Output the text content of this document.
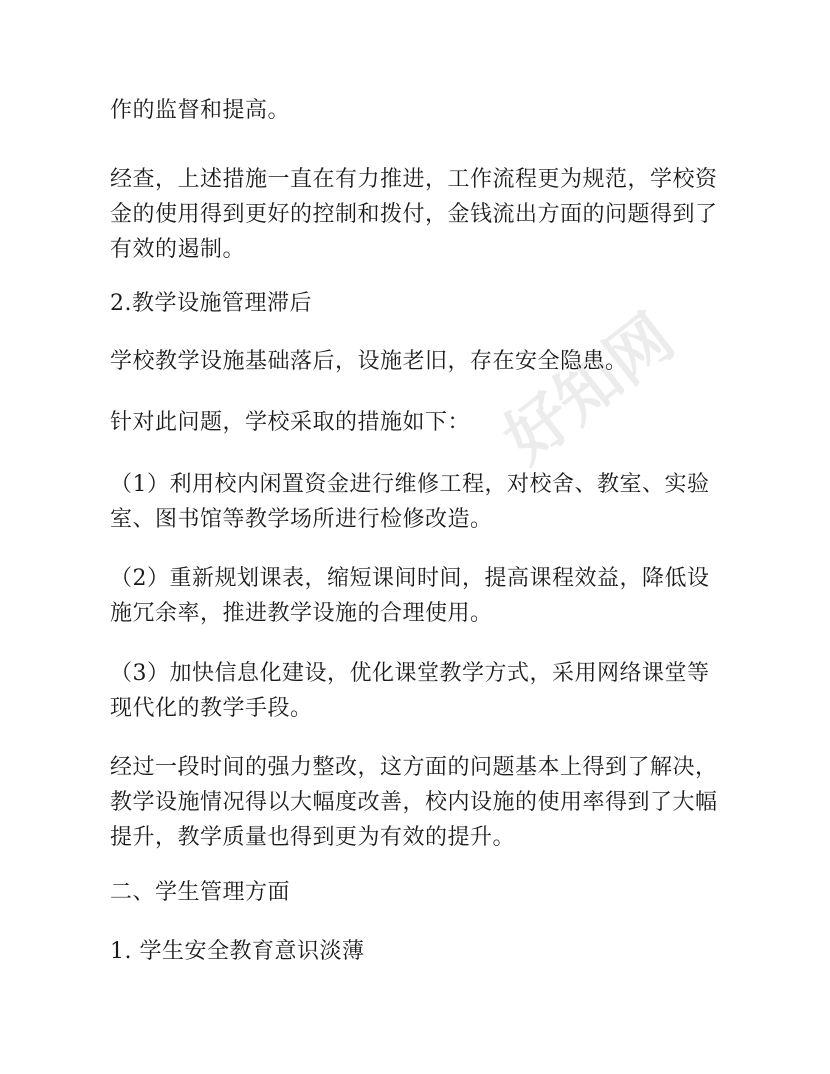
好知网

作的监督和提高。

经查，上述措施一直在有力推进，工作流程更为规范，学校资
金的使用得到更好的控制和拨付，金钱流出方面的问题得到了
有效的遏制。

2.教学设施管理滞后

学校教学设施基础落后，设施老旧，存在安全隐患。

针对此问题，学校采取的措施如下：

（1）利用校内闲置资金进行维修工程，对校舍、教室、实验
室、图书馆等教学场所进行检修改造。

（2）重新规划课表，缩短课间时间，提高课程效益，降低设
施冗余率，推进教学设施的合理使用。

（3）加快信息化建设，优化课堂教学方式，采用网络课堂等
现代化的教学手段。

经过一段时间的强力整改，这方面的问题基本上得到了解决，
教学设施情况得以大幅度改善，校内设施的使用率得到了大幅
提升，教学质量也得到更为有效的提升。

二、学生管理方面

1. 学生安全教育意识淡薄
